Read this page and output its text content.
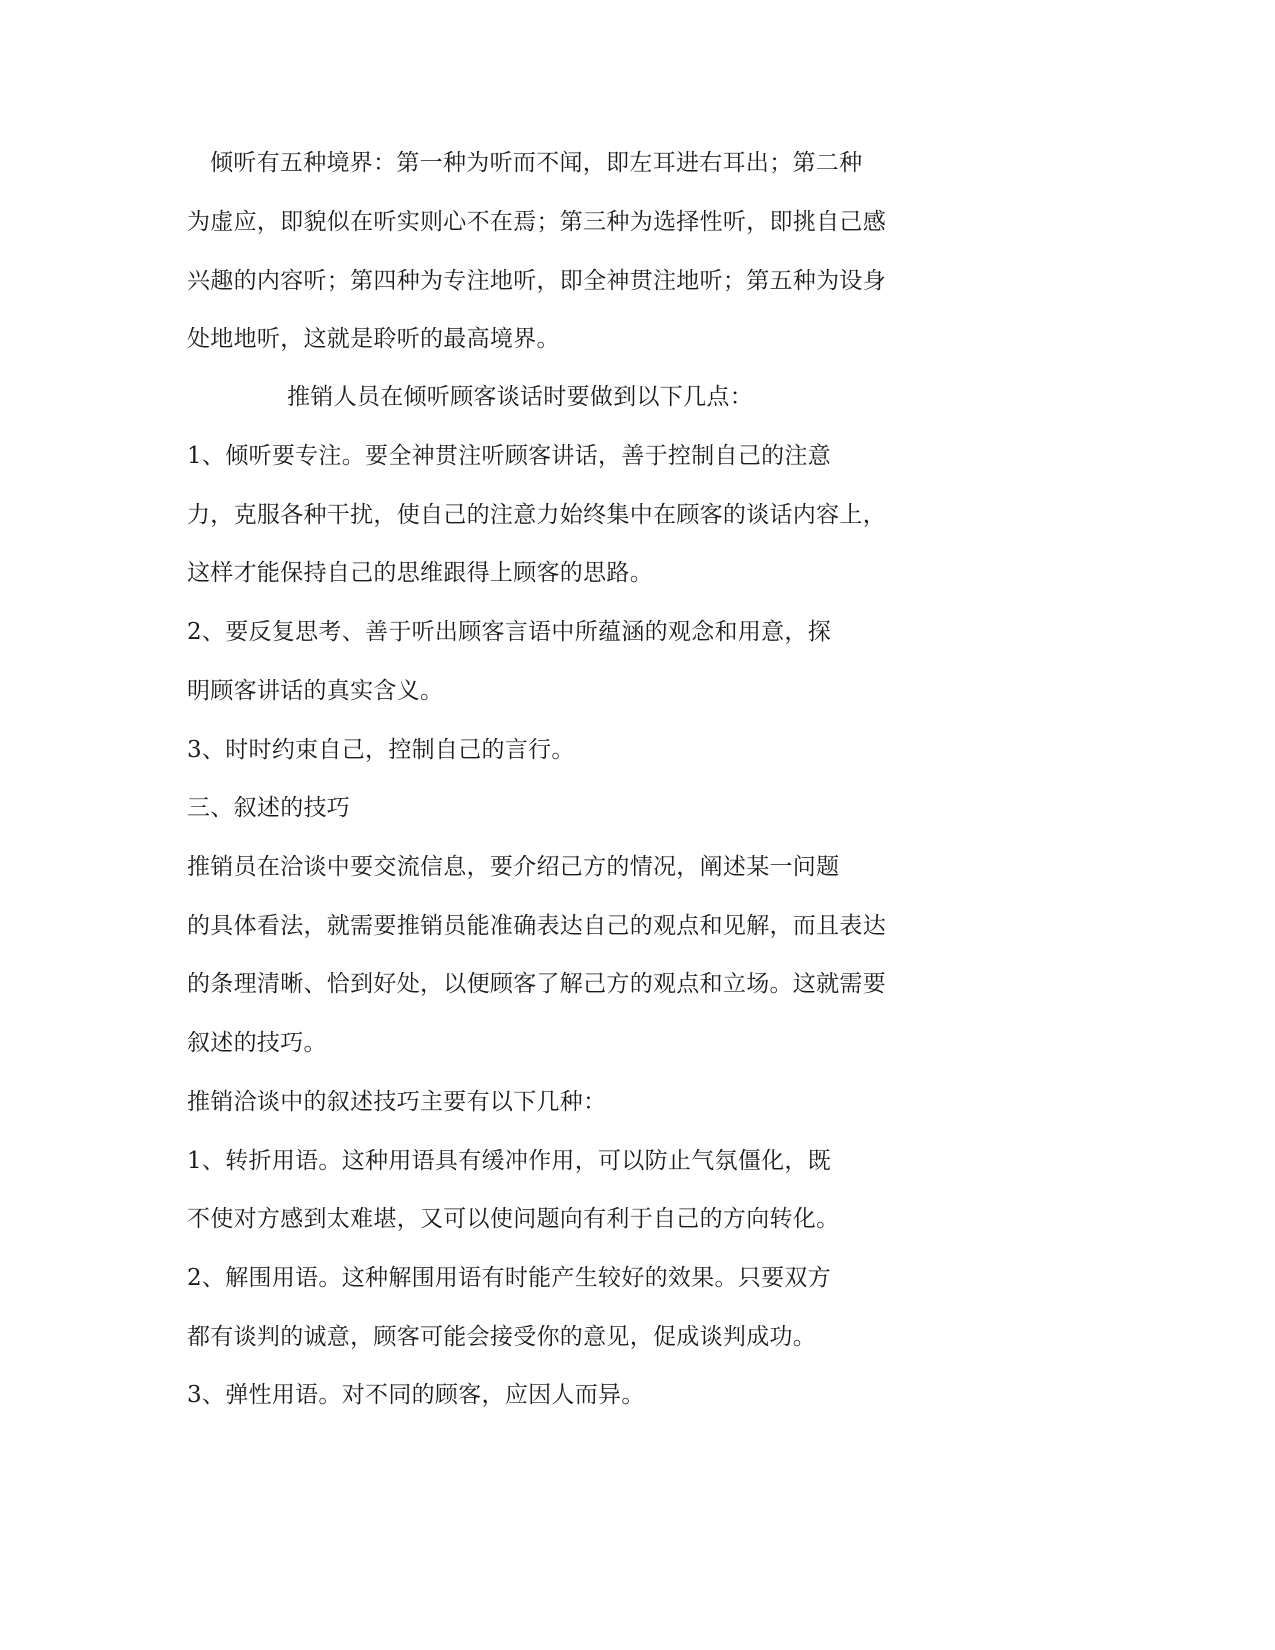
倾听有五种境界：第一种为听而不闻，即左耳进右耳出；第二种
为虚应，即貌似在听实则心不在焉；第三种为选择性听，即挑自己感
兴趣的内容听；第四种为专注地听，即全神贯注地听；第五种为设身
处地地听，这就是聆听的最高境界。
推销人员在倾听顾客谈话时要做到以下几点：
1、倾听要专注。要全神贯注听顾客讲话，善于控制自己的注意
力，克服各种干扰，使自己的注意力始终集中在顾客的谈话内容上，
这样才能保持自己的思维跟得上顾客的思路。
2、要反复思考、善于听出顾客言语中所蕴涵的观念和用意，探
明顾客讲话的真实含义。
3、时时约束自己，控制自己的言行。
三、叙述的技巧
推销员在洽谈中要交流信息，要介绍己方的情况，阐述某一问题
的具体看法，就需要推销员能准确表达自己的观点和见解，而且表达
的条理清晰、恰到好处，以便顾客了解己方的观点和立场。这就需要
叙述的技巧。
推销洽谈中的叙述技巧主要有以下几种：
1、转折用语。这种用语具有缓冲作用，可以防止气氛僵化，既
不使对方感到太难堪，又可以使问题向有利于自己的方向转化。
2、解围用语。这种解围用语有时能产生较好的效果。只要双方
都有谈判的诚意，顾客可能会接受你的意见，促成谈判成功。
3、弹性用语。对不同的顾客，应因人而异。
